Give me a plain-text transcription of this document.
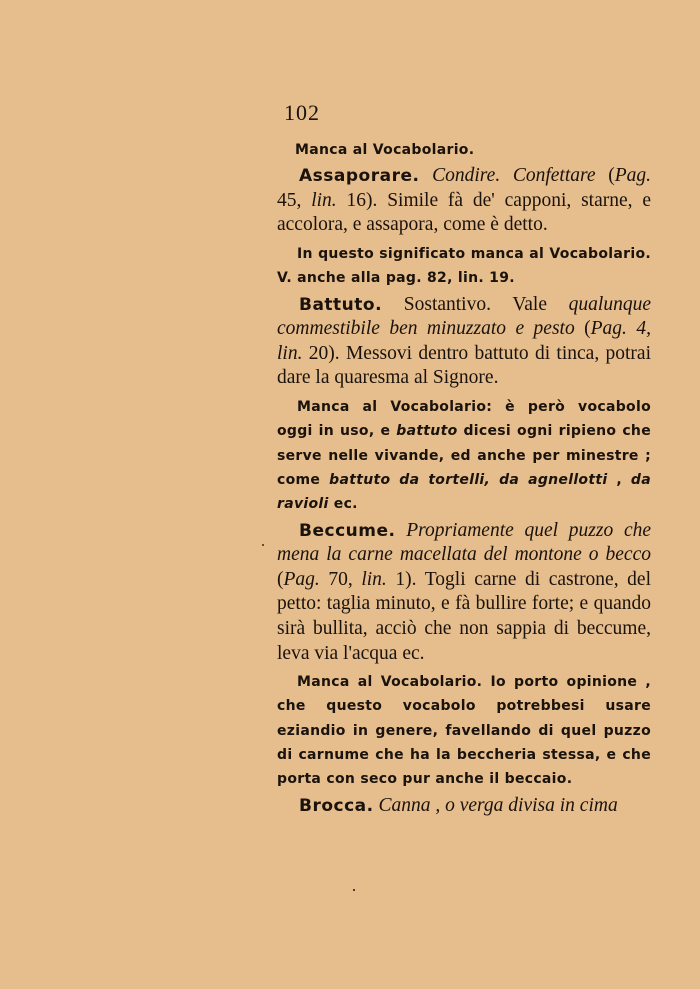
102

Manca al Vocabolario.

Assaporare. Condire. Confettare (Pag. 45, lin. 16). Simile fà de' capponi, starne, e accolora, e assapora, come è detto.

In questo significato manca al Vocabolario. V. anche alla pag. 82, lin. 19.

Battuto. Sostantivo. Vale qualunque commestibile ben minuzzato e pesto (Pag. 4, lin. 20). Messovi dentro battuto di tinca, potrai dare la quaresma al Signore.

Manca al Vocabolario: è però vocabolo oggi in uso, e battuto dicesi ogni ripieno che serve nelle vivande, ed anche per minestre ; come battuto da tortelli, da agnellotti , da ravioli ec.

Beccume. Propriamente quel puzzo che mena la carne macellata del montone o becco (Pag. 70, lin. 1). Togli carne di castrone, del petto: taglia minuto, e fà bullire forte; e quando sirà bullita, acciò che non sappia di beccume, leva via l'acqua ec.

Manca al Vocabolario. Io porto opinione , che questo vocabolo potrebbesi usare eziandio in genere, favellando di quel puzzo di carnume che ha la beccheria stessa, e che porta con seco pur anche il beccaio.

Brocca. Canna , o verga divisa in cima
